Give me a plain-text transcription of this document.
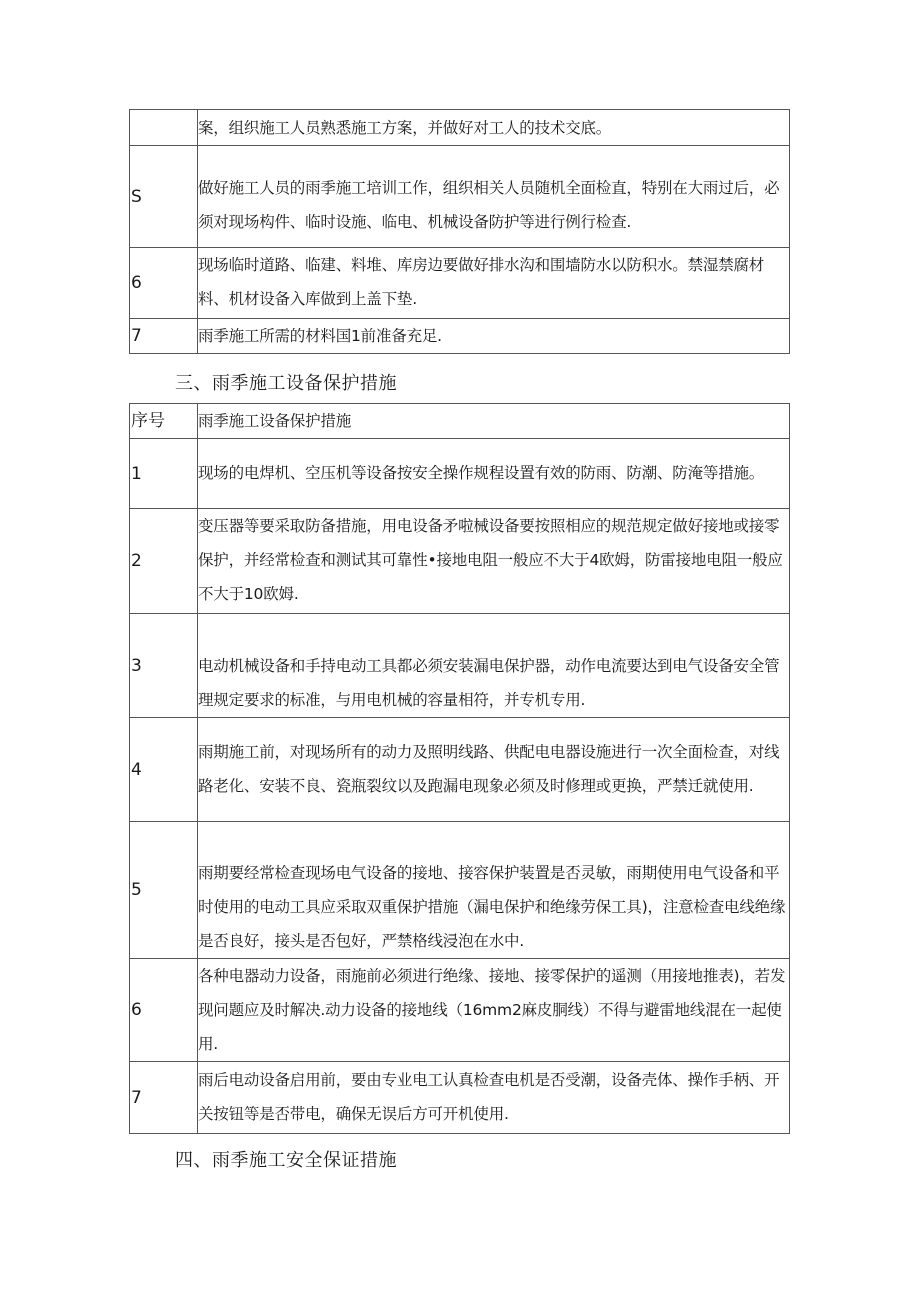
	案，组织施工人员熟悉施工方案，并做好对工人的技术交底。
S	做好施工人员的雨季施工培训工作，组织相关人员随机全面检直，特别在大雨过后，必须对现场构件、临时设施、临电、机械设备防护等进行例行检查.
6	现场临时道路、临建、料堆、库房边要做好排水沟和围墙防水以防积水。禁湿禁腐材料、机材设备入库做到上盖下垫.
7	雨季施工所需的材料国1前准备充足.
三、雨季施工设备保护措施
序号	雨季施工设备保护措施
1	现场的电焊机、空压机等设备按安全操作规程设置有效的防雨、防潮、防淹等措施。
2	变压器等要采取防备措施，用电设备矛啦械设备要按照相应的规范规定做好接地或接零保护，并经常检查和测试其可靠性•接地电阻一般应不大于4欧姆，防雷接地电阻一般应不大于10欧姆.
3	电动机械设备和手持电动工具都必须安装漏电保护器，动作电流要达到电气设备安全管理规定要求的标准，与用电机械的容量相符，并专机专用.
4	雨期施工前，对现场所有的动力及照明线路、供配电电器设施进行一次全面检查，对线路老化、安装不良、瓷瓶裂纹以及跑漏电现象必须及时修理或更换，严禁迁就使用.
5	雨期要经常检查现场电气设备的接地、接容保护装置是否灵敏，雨期使用电气设备和平时使用的电动工具应采取双重保护措施（漏电保护和绝缘劳保工具)，注意检查电线绝缘是否良好，接头是否包好，严禁格线浸泡在水中.
6	各种电器动力设备，雨施前必须进行绝缘、接地、接零保护的遥测（用接地推表)，若发现问题应及时解决.动力设备的接地线（16mm2麻皮胴线）不得与避雷地线混在一起使用.
7	雨后电动设备启用前，要由专业电工认真检查电机是否受潮，设备壳体、操作手柄、开关按钮等是否带电，确保无误后方可开机使用.
四、雨季施工安全保证措施
